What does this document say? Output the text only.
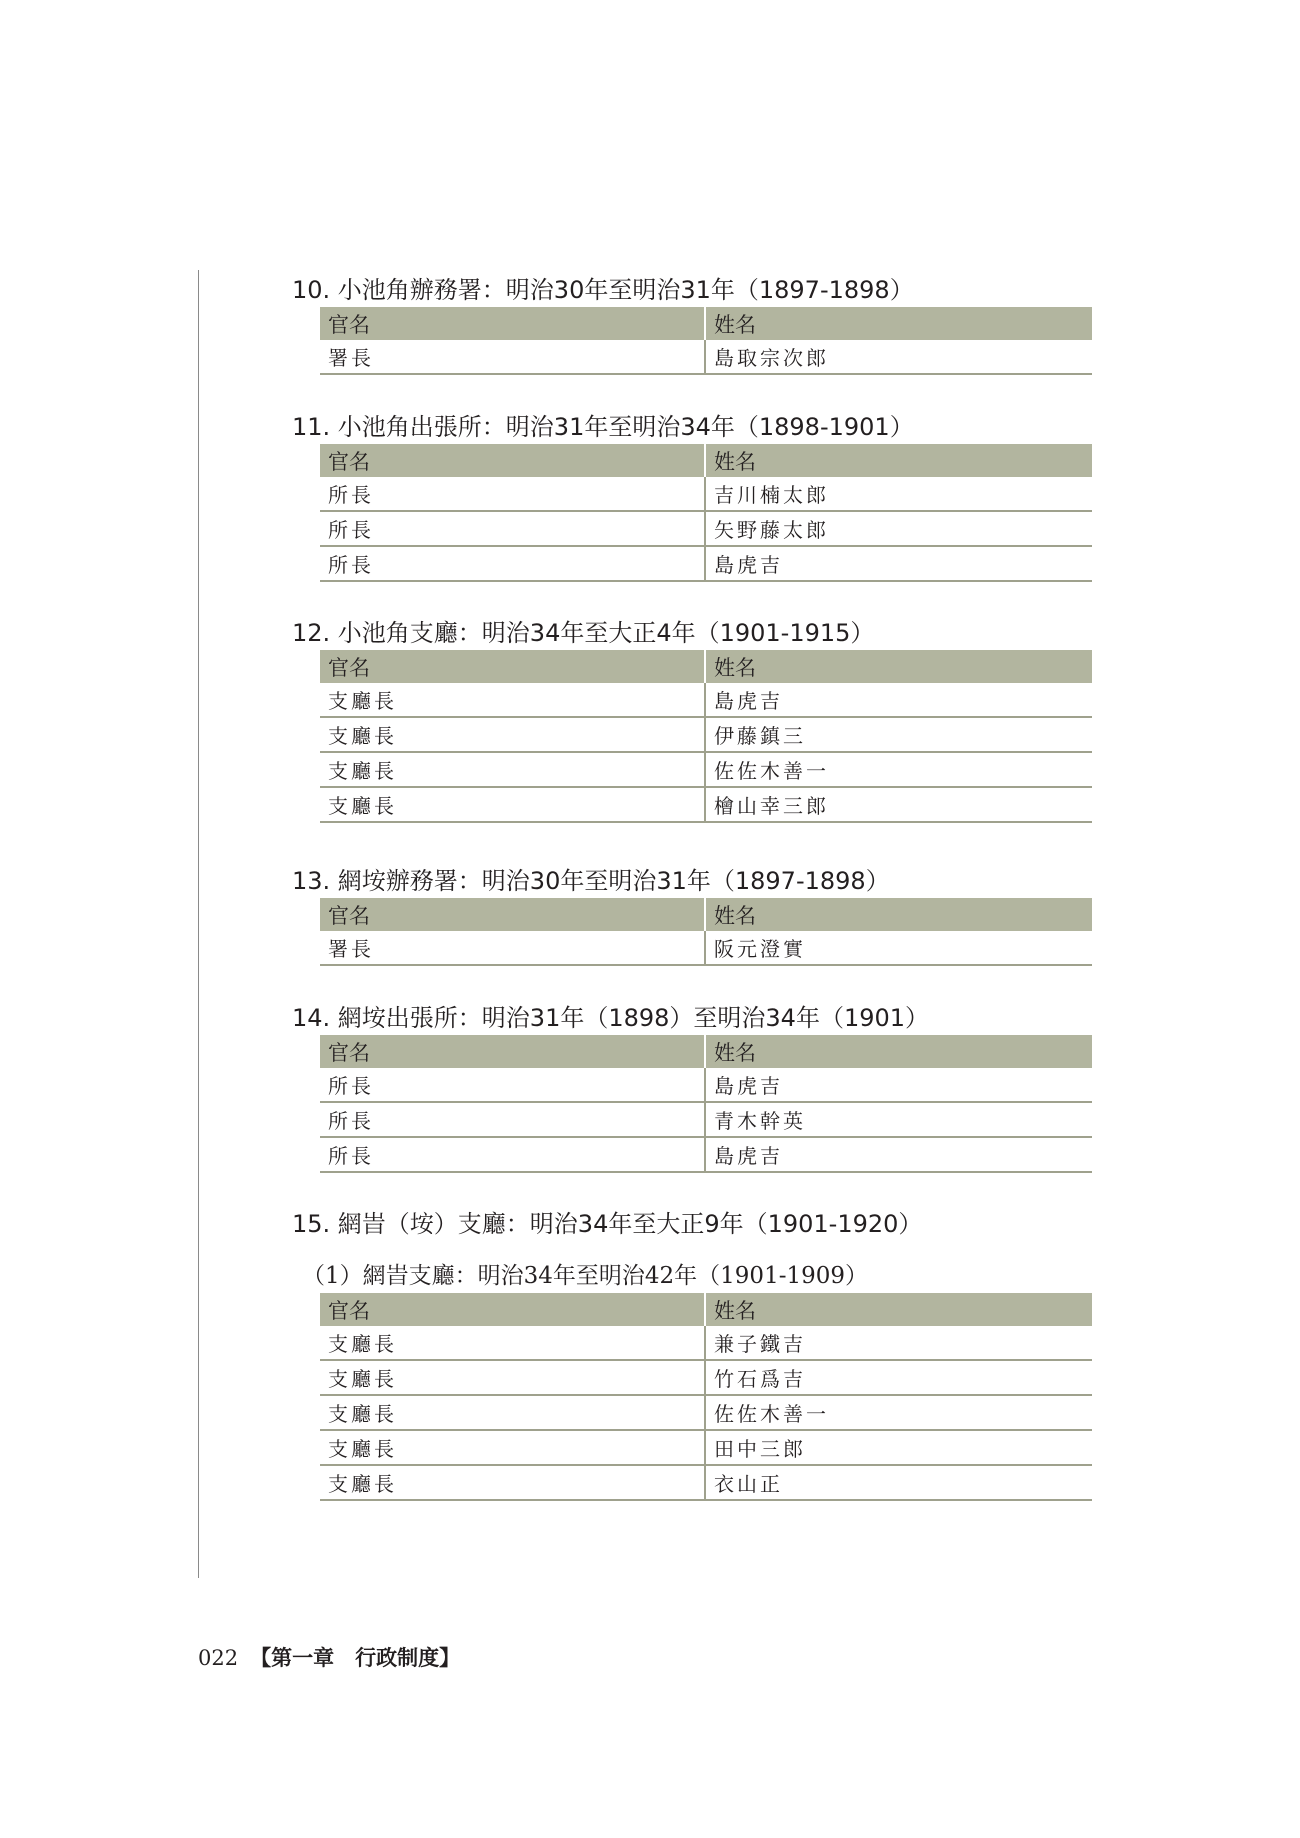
10. 小池角辦務署：明治30年至明治31年（1897-1898）
官名	姓名
署長	島取宗次郎
11. 小池角出張所：明治31年至明治34年（1898-1901）
官名	姓名
所長	吉川楠太郎
所長	矢野藤太郎
所長	島虎吉
12. 小池角支廳：明治34年至大正4年（1901-1915）
官名	姓名
支廳長	島虎吉
支廳長	伊藤鎮三
支廳長	佐佐木善一
支廳長	檜山幸三郎
13. 網垵辦務署：明治30年至明治31年（1897-1898）
官名	姓名
署長	阪元澄實
14. 網垵出張所：明治31年（1898）至明治34年（1901）
官名	姓名
所長	島虎吉
所長	青木幹英
所長	島虎吉
15. 網旹（垵）支廳：明治34年至大正9年（1901-1920）
（1）網旹支廳：明治34年至明治42年（1901-1909）
官名	姓名
支廳長	兼子鐵吉
支廳長	竹石爲吉
支廳長	佐佐木善一
支廳長	田中三郎
支廳長	衣山正
022 【第一章　行政制度】
